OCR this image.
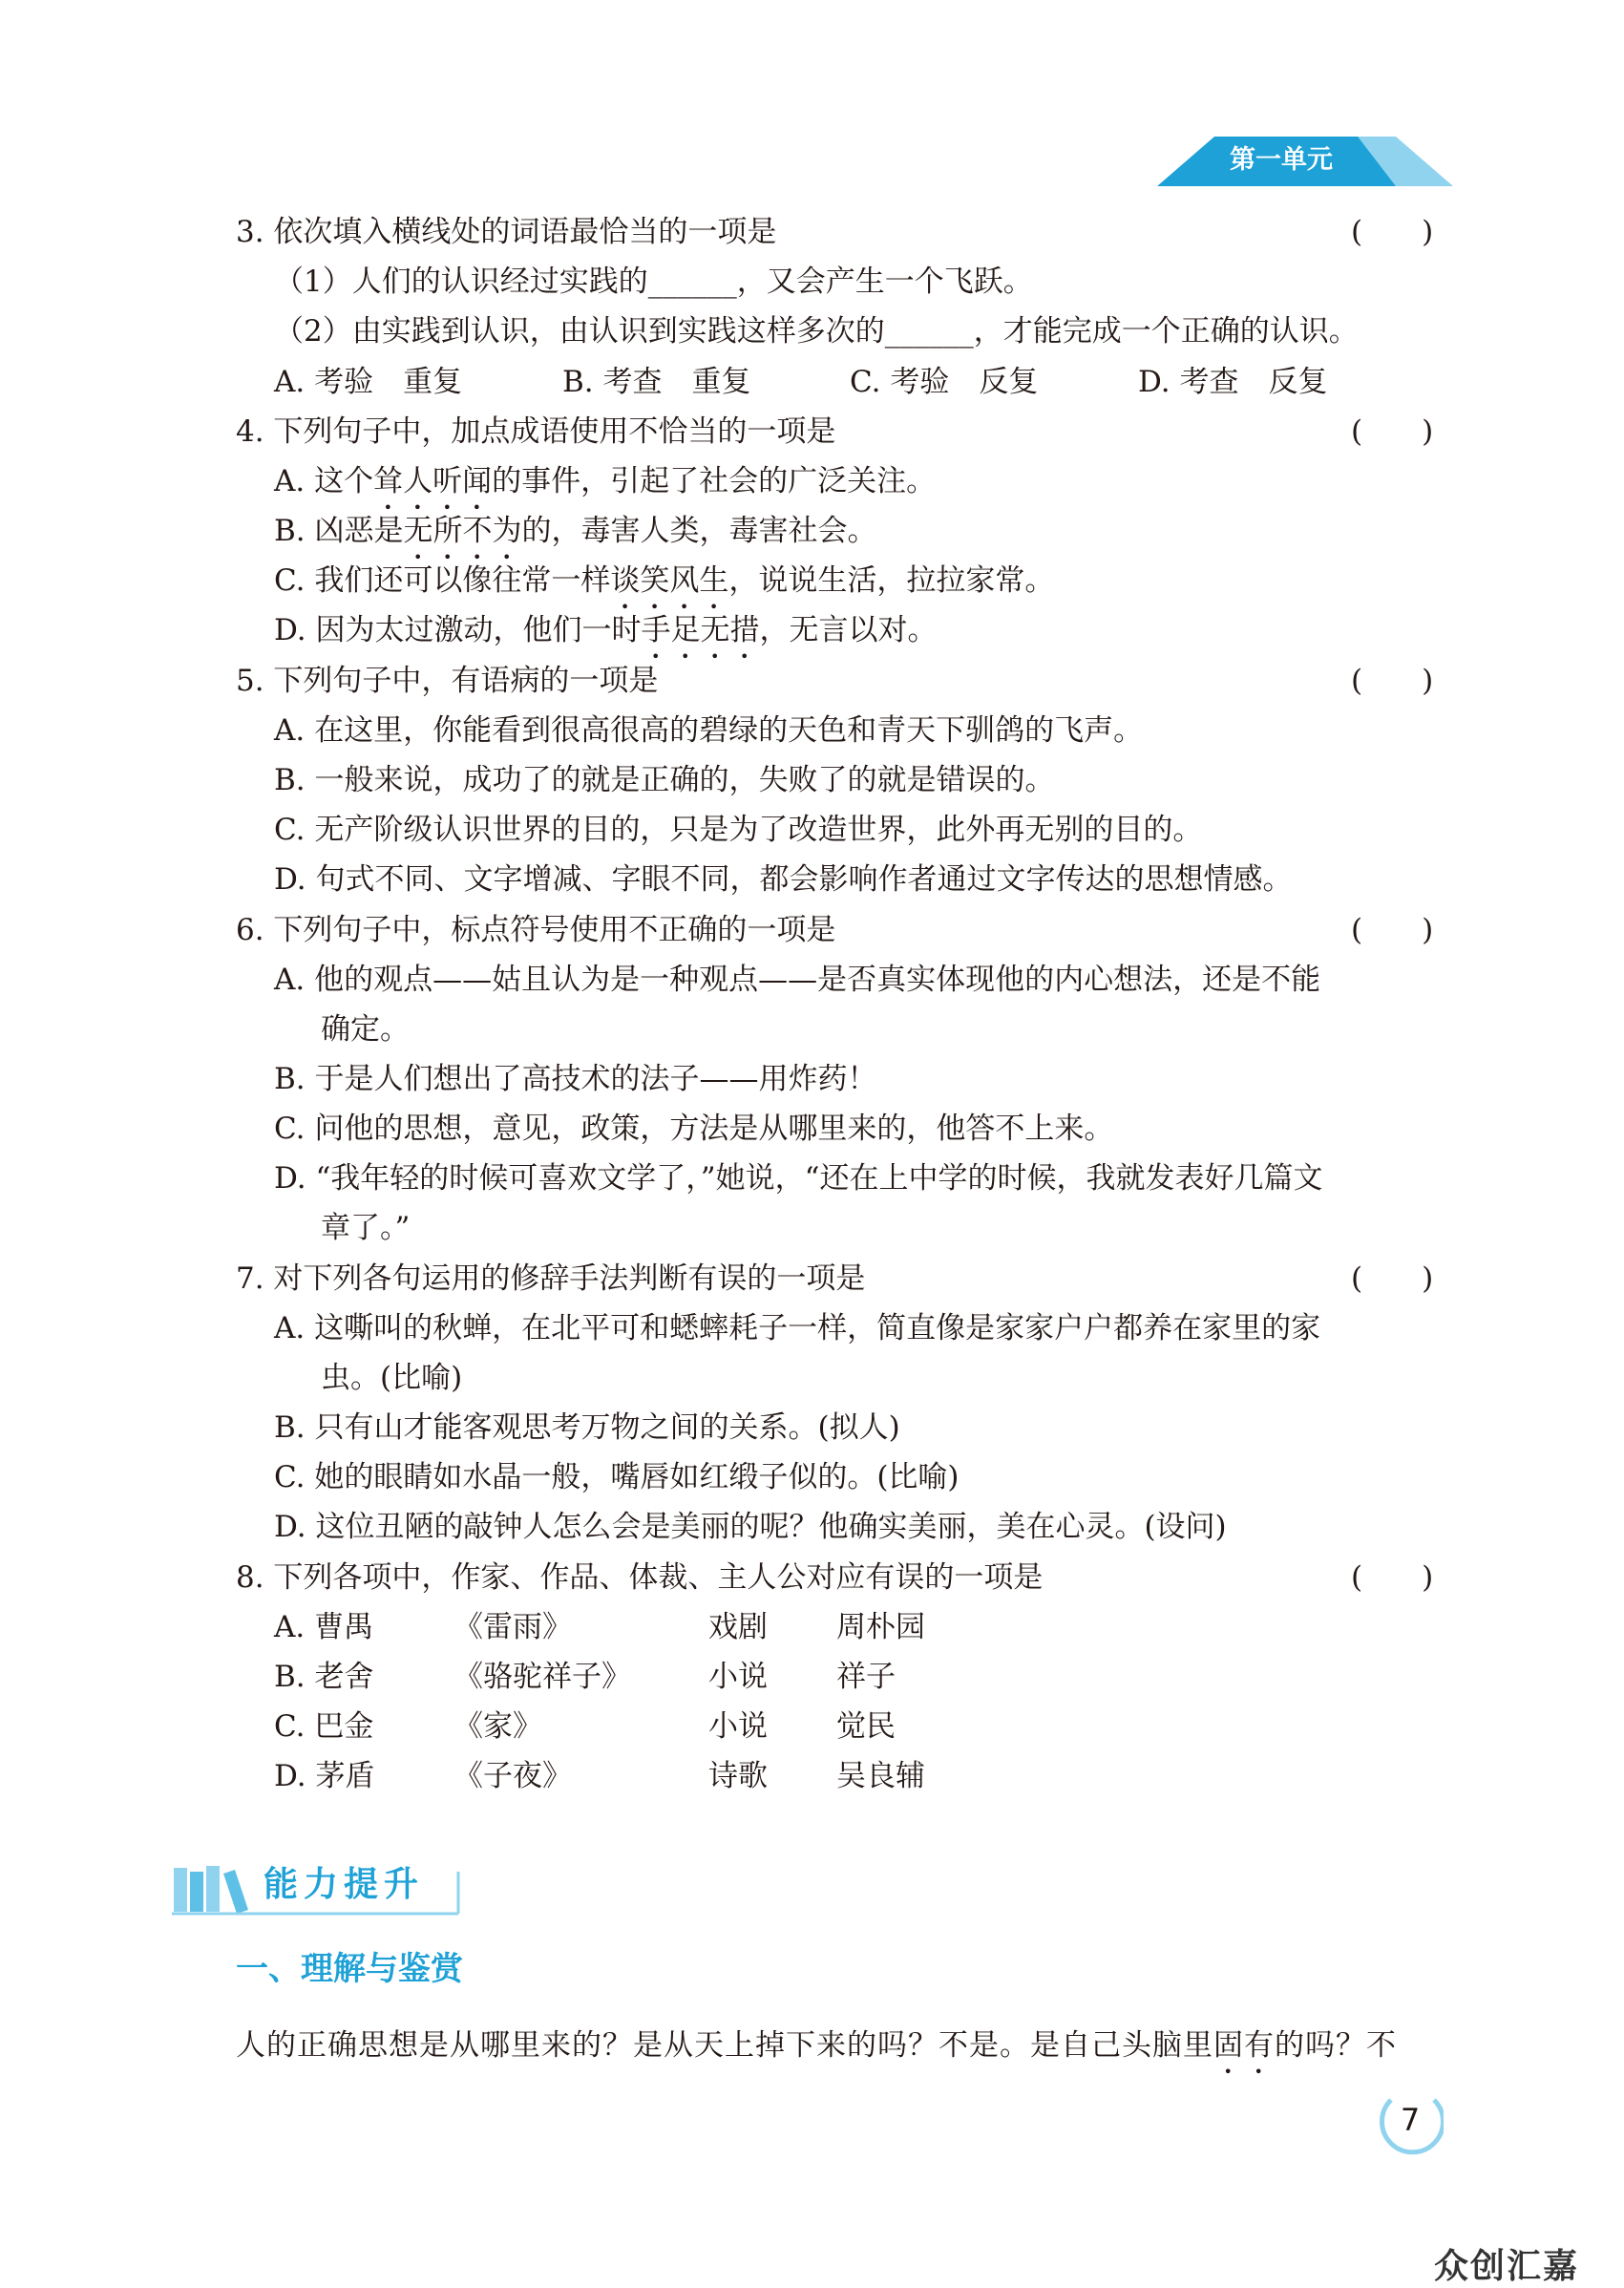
第一单元
3. 依次填入横线处的词语最恰当的一项是	(　　)
（1）人们的认识经过实践的______，又会产生一个飞跃。
（2）由实践到认识，由认识到实践这样多次的______，才能完成一个正确的认识。
A. 考验　重复	B. 考查　重复	C. 考验　反复	D. 考查　反复
4. 下列句子中，加点成语使用不恰当的一项是	(　　)
A. 这个耸人听闻的事件，引起了社会的广泛关注。
B. 凶恶是无所不为的，毒害人类，毒害社会。
C. 我们还可以像往常一样谈笑风生，说说生活，拉拉家常。
D. 因为太过激动，他们一时手足无措，无言以对。
5. 下列句子中，有语病的一项是	(　　)
A. 在这里，你能看到很高很高的碧绿的天色和青天下驯鸽的飞声。
B. 一般来说，成功了的就是正确的，失败了的就是错误的。
C. 无产阶级认识世界的目的，只是为了改造世界，此外再无别的目的。
D. 句式不同、文字增减、字眼不同，都会影响作者通过文字传达的思想情感。
6. 下列句子中，标点符号使用不正确的一项是	(　　)
A. 他的观点——姑且认为是一种观点——是否真实体现他的内心想法，还是不能
确定。
B. 于是人们想出了高技术的法子——用炸药！
C. 问他的思想，意见，政策，方法是从哪里来的，他答不上来。
D. “我年轻的时候可喜欢文学了，”她说，“还在上中学的时候，我就发表好几篇文
章了。”
7. 对下列各句运用的修辞手法判断有误的一项是	(　　)
A. 这嘶叫的秋蝉，在北平可和蟋蟀耗子一样，简直像是家家户户都养在家里的家
虫。(比喻)
B. 只有山才能客观思考万物之间的关系。(拟人)
C. 她的眼睛如水晶一般，嘴唇如红缎子似的。(比喻)
D. 这位丑陋的敲钟人怎么会是美丽的呢？他确实美丽，美在心灵。(设问)
8. 下列各项中，作家、作品、体裁、主人公对应有误的一项是	(　　)
A. 曹禺	《雷雨》	戏剧 周朴园
B. 老舍	《骆驼祥子》	小说 祥子
C. 巴金	《家》	小说 觉民
D. 茅盾	《子夜》	诗歌 吴良辅
能力提升
一、理解与鉴赏
人的正确思想是从哪里来的？是从天上掉下来的吗？不是。是自己头脑里固有的吗？不
7
众创汇嘉
